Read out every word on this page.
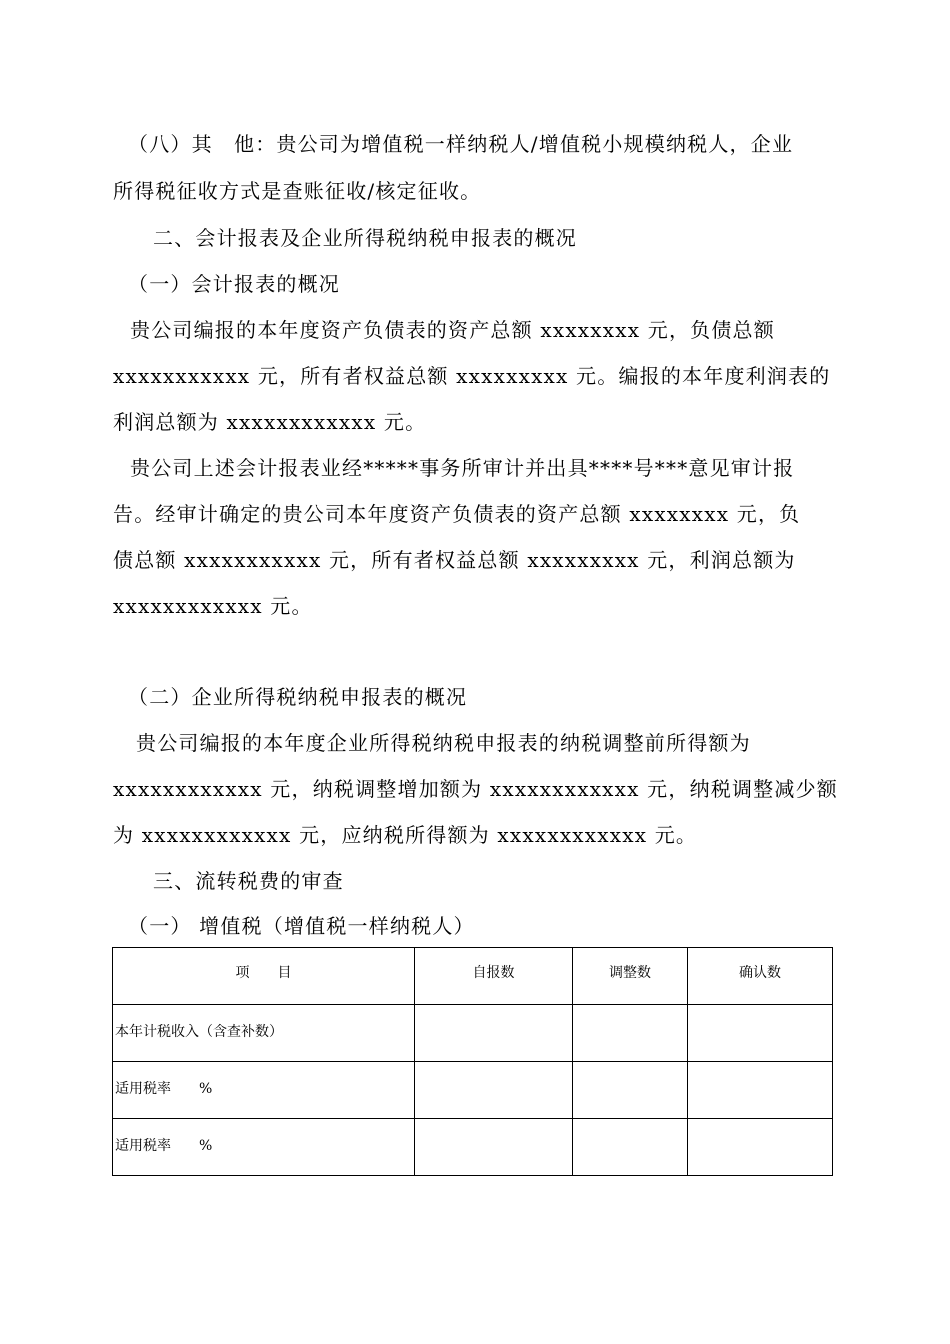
（八）其　他：贵公司为增值税一样纳税人/增值税小规模纳税人，企业
所得税征收方式是查账征收/核定征收。
二、会计报表及企业所得税纳税申报表的概况
（一）会计报表的概况
贵公司编报的本年度资产负债表的资产总额 xxxxxxxx 元，负债总额
xxxxxxxxxxx 元，所有者权益总额 xxxxxxxxx 元。编报的本年度利润表的
利润总额为 xxxxxxxxxxxx 元。
贵公司上述会计报表业经*****事务所审计并出具****号***意见审计报
告。经审计确定的贵公司本年度资产负债表的资产总额 xxxxxxxx 元，负
债总额 xxxxxxxxxxx 元，所有者权益总额 xxxxxxxxx 元，利润总额为
xxxxxxxxxxxx 元。
（二）企业所得税纳税申报表的概况
贵公司编报的本年度企业所得税纳税申报表的纳税调整前所得额为
xxxxxxxxxxxx 元，纳税调整增加额为 xxxxxxxxxxxx 元，纳税调整减少额
为 xxxxxxxxxxxx 元，应纳税所得额为 xxxxxxxxxxxx 元。
三、流转税费的审查
（一） 增值税（增值税一样纳税人）
项　　目	自报数	调整数	确认数
本年计税收入（含查补数）			
适用税率　　%			
适用税率　　%			
